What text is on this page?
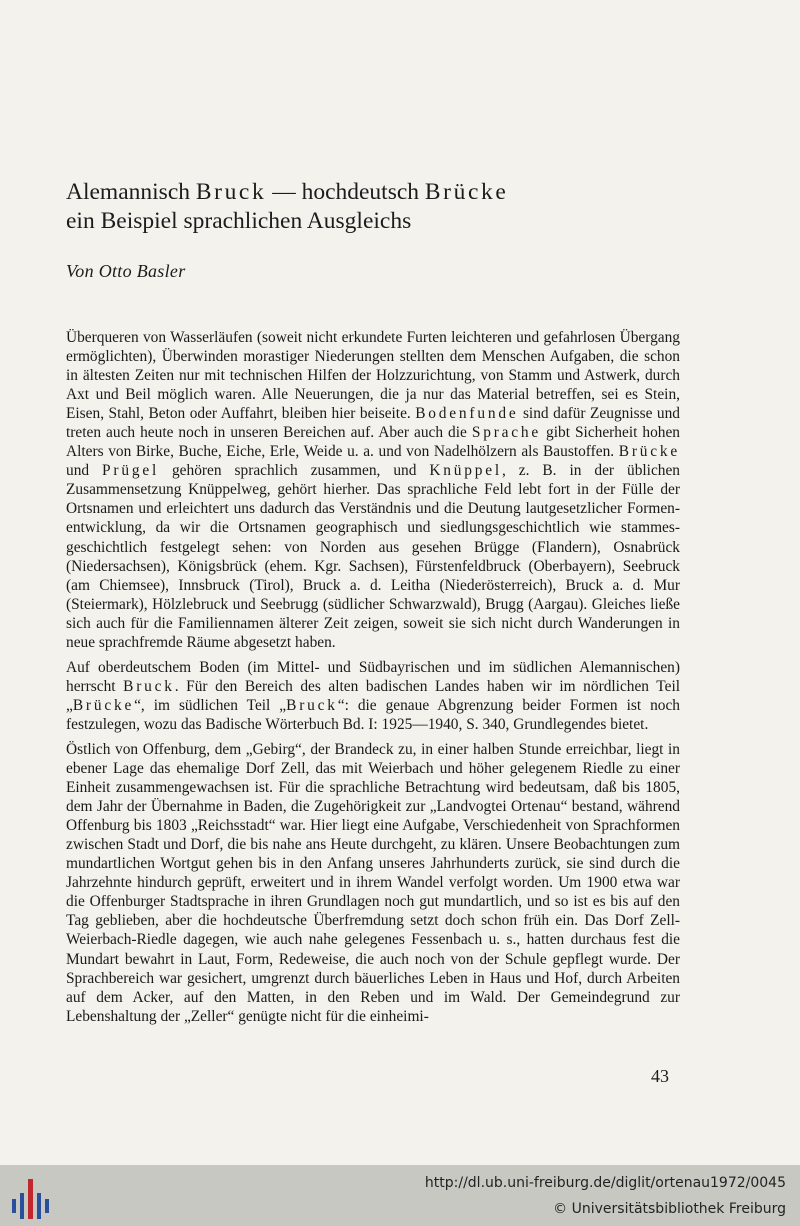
Alemannisch Bruck — hochdeutsch Brücke
ein Beispiel sprachlichen Ausgleichs
Von Otto Basler

Überqueren von Wasserläufen (soweit nicht erkundete Furten leichteren und gefahrlosen Übergang ermöglichten), Überwinden morastiger Niederungen stellten dem Menschen Aufgaben, die schon in ältesten Zeiten nur mit technischen Hilfen der Holzzurichtung, von Stamm und Astwerk, durch Axt und Beil möglich waren. Alle Neuerungen, die ja nur das Material betreffen, sei es Stein, Eisen, Stahl, Beton oder Auffahrt, bleiben hier beiseite. Bodenfunde sind dafür Zeugnisse und treten auch heute noch in unseren Bereichen auf. Aber auch die Sprache gibt Sicherheit hohen Alters von Birke, Buche, Eiche, Erle, Weide u. a. und von Nadelhölzern als Baustoffen. Brücke und Prügel gehören sprachlich zusammen, und Knüppel, z. B. in der üblichen Zusammensetzung Knüppelweg, gehört hierher. Das sprachliche Feld lebt fort in der Fülle der Ortsnamen und erleichtert uns dadurch das Verständnis und die Deutung lautgesetzlicher Formenentwicklung, da wir die Ortsnamen geographisch und siedlungsgeschichtlich wie stammesgeschichtlich festgelegt sehen: von Norden aus gesehen Brügge (Flandern), Osnabrück (Niedersachsen), Königsbrück (ehem. Kgr. Sachsen), Fürstenfeldbruck (Oberbayern), Seebruck (am Chiemsee), Innsbruck (Tirol), Bruck a. d. Leitha (Niederösterreich), Bruck a. d. Mur (Steiermark), Hölzlebruck und Seebrugg (südlicher Schwarzwald), Brugg (Aargau). Gleiches ließe sich auch für die Familiennamen älterer Zeit zeigen, soweit sie sich nicht durch Wanderungen in neue sprachfremde Räume abgesetzt haben.

Auf oberdeutschem Boden (im Mittel- und Südbayrischen und im südlichen Alemannischen) herrscht Bruck. Für den Bereich des alten badischen Landes haben wir im nördlichen Teil „Brücke“, im südlichen Teil „Bruck“: die genaue Abgrenzung beider Formen ist noch festzulegen, wozu das Badische Wörterbuch Bd. I: 1925—1940, S. 340, Grundlegendes bietet.

Östlich von Offenburg, dem „Gebirg“, der Brandeck zu, in einer halben Stunde erreichbar, liegt in ebener Lage das ehemalige Dorf Zell, das mit Weierbach und höher gelegenem Riedle zu einer Einheit zusammengewachsen ist. Für die sprachliche Betrachtung wird bedeutsam, daß bis 1805, dem Jahr der Übernahme in Baden, die Zugehörigkeit zur „Landvogtei Ortenau“ bestand, während Offenburg bis 1803 „Reichsstadt“ war. Hier liegt eine Aufgabe, Verschiedenheit von Sprachformen zwischen Stadt und Dorf, die bis nahe ans Heute durchgeht, zu klären. Unsere Beobachtungen zum mundartlichen Wortgut gehen bis in den Anfang unseres Jahrhunderts zurück, sie sind durch die Jahrzehnte hindurch geprüft, erweitert und in ihrem Wandel verfolgt worden. Um 1900 etwa war die Offenburger Stadtsprache in ihren Grundlagen noch gut mundartlich, und so ist es bis auf den Tag geblieben, aber die hochdeutsche Überfremdung setzt doch schon früh ein. Das Dorf Zell-Weierbach-Riedle dagegen, wie auch nahe gelegenes Fessenbach u. s., hatten durchaus fest die Mundart bewahrt in Laut, Form, Redeweise, die auch noch von der Schule gepflegt wurde. Der Sprachbereich war gesichert, umgrenzt durch bäuerliches Leben in Haus und Hof, durch Arbeiten auf dem Acker, auf den Matten, in den Reben und im Wald. Der Gemeindegrund zur Lebenshaltung der „Zeller“ genügte nicht für die einheimi-

43
http://dl.ub.uni-freiburg.de/diglit/ortenau1972/0045
© Universitätsbibliothek Freiburg
